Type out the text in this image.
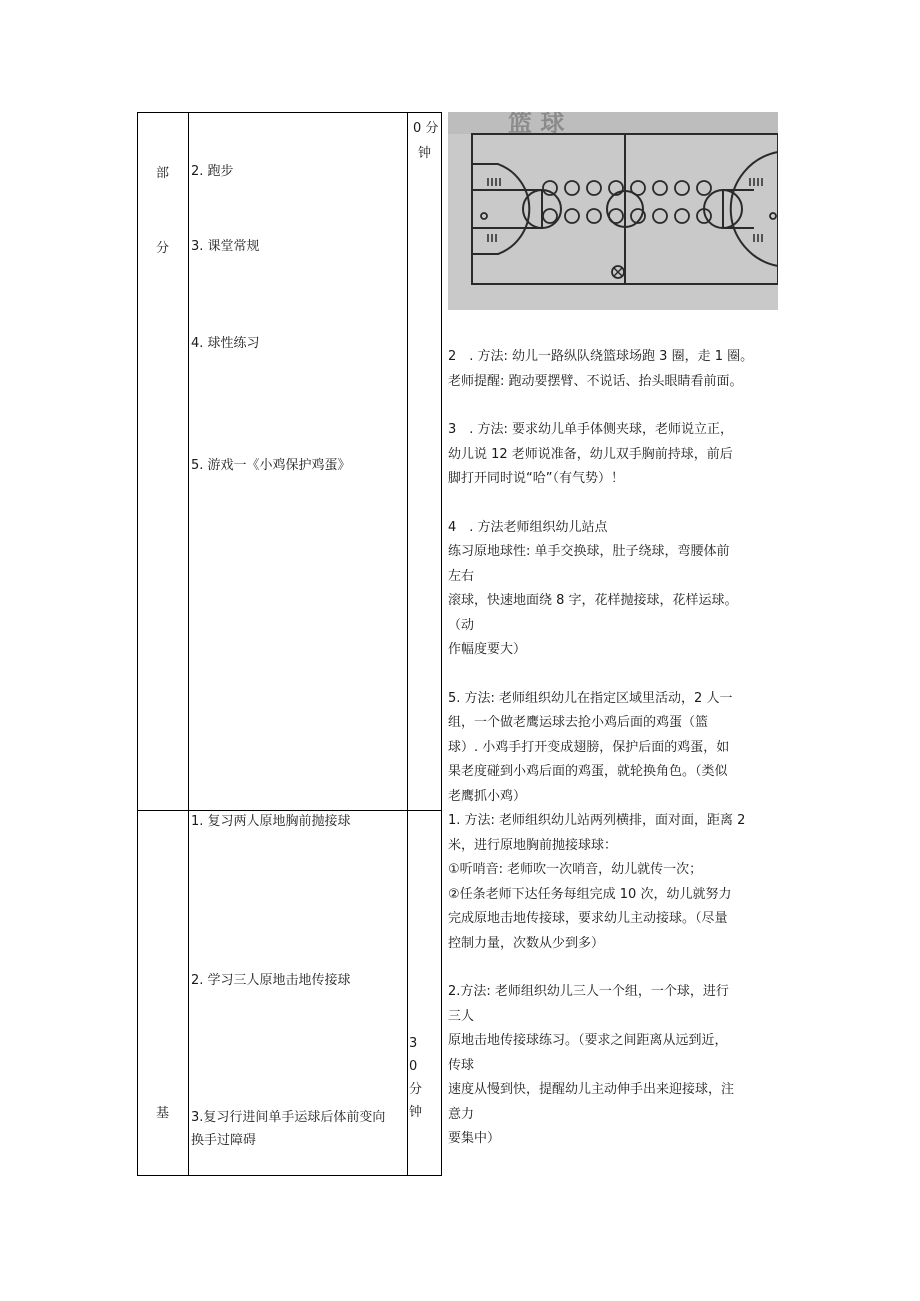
部
分
基
0 分
钟
3
0
分
钟
2. 跑步
3. 课堂常规
4. 球性练习
5. 游戏一《小鸡保护鸡蛋》
1. 复习两人原地胸前抛接球
2. 学习三人原地击地传接球
3.复习行进间单手运球后体前变向
换手过障碍
篮 球

2　. 方法: 幼儿一路纵队绕篮球场跑 3 圈，走 1 圈。

老师提醒: 跑动要摆臂、不说话、抬头眼睛看前面。

3　. 方法: 要求幼儿单手体侧夹球，老师说立正，

幼儿说 12 老师说准备，幼儿双手胸前持球，前后

脚打开同时说“哈”（有气势）！

4　. 方法老师组织幼儿站点

练习原地球性: 单手交换球，肚子绕球，弯腰体前

左右

滚球，快速地面绕 8 字，花样抛接球，花样运球。

（动

作幅度要大）

5. 方法: 老师组织幼儿在指定区域里活动，2 人一

组，一个做老鹰运球去抢小鸡后面的鸡蛋（篮

球）. 小鸡手打开变成翅膀，保护后面的鸡蛋，如

果老度碰到小鸡后面的鸡蛋，就轮换角色。（类似

老鹰抓小鸡）

1. 方法: 老师组织幼儿站两列横排，面对面，距离 2

米，进行原地胸前抛接球球：

①听哨音: 老师吹一次哨音，幼儿就传一次；

②任条老师下达任务每组完成 10 次，幼儿就努力

完成原地击地传接球，要求幼儿主动接球。（尽量

控制力量，次数从少到多）

2.方法: 老师组织幼儿三人一个组，一个球，进行

三人

原地击地传接球练习。（要求之间距离从远到近，

传球

速度从慢到快，提醒幼儿主动伸手出来迎接球，注

意力

要集中）
